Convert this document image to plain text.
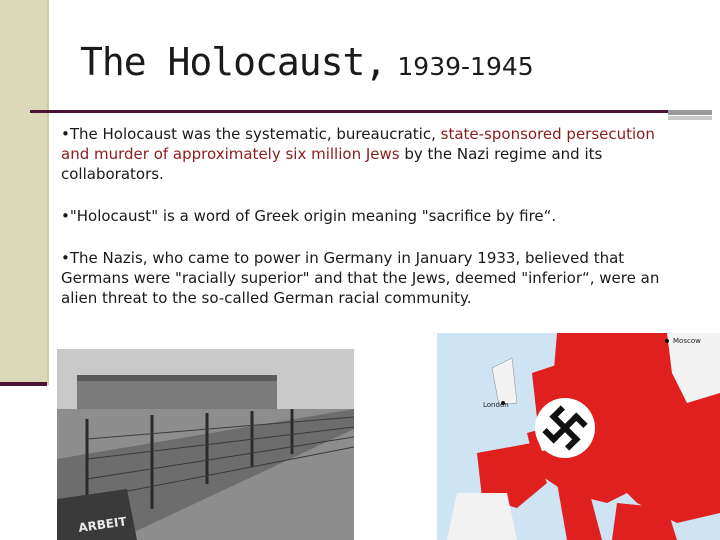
The Holocaust, 1939-1945

•The Holocaust was the systematic, bureaucratic, state-sponsored persecution and murder of approximately six million Jews by the Nazi regime and its collaborators.

•"Holocaust" is a word of Greek origin meaning "sacrifice by fire“.

•The Nazis, who came to power in Germany in January 1933, believed that Germans were "racially superior" and that the Jews, deemed "inferior“, were an alien threat to the so-called German racial community.

ARBEIT
Moscow
London
